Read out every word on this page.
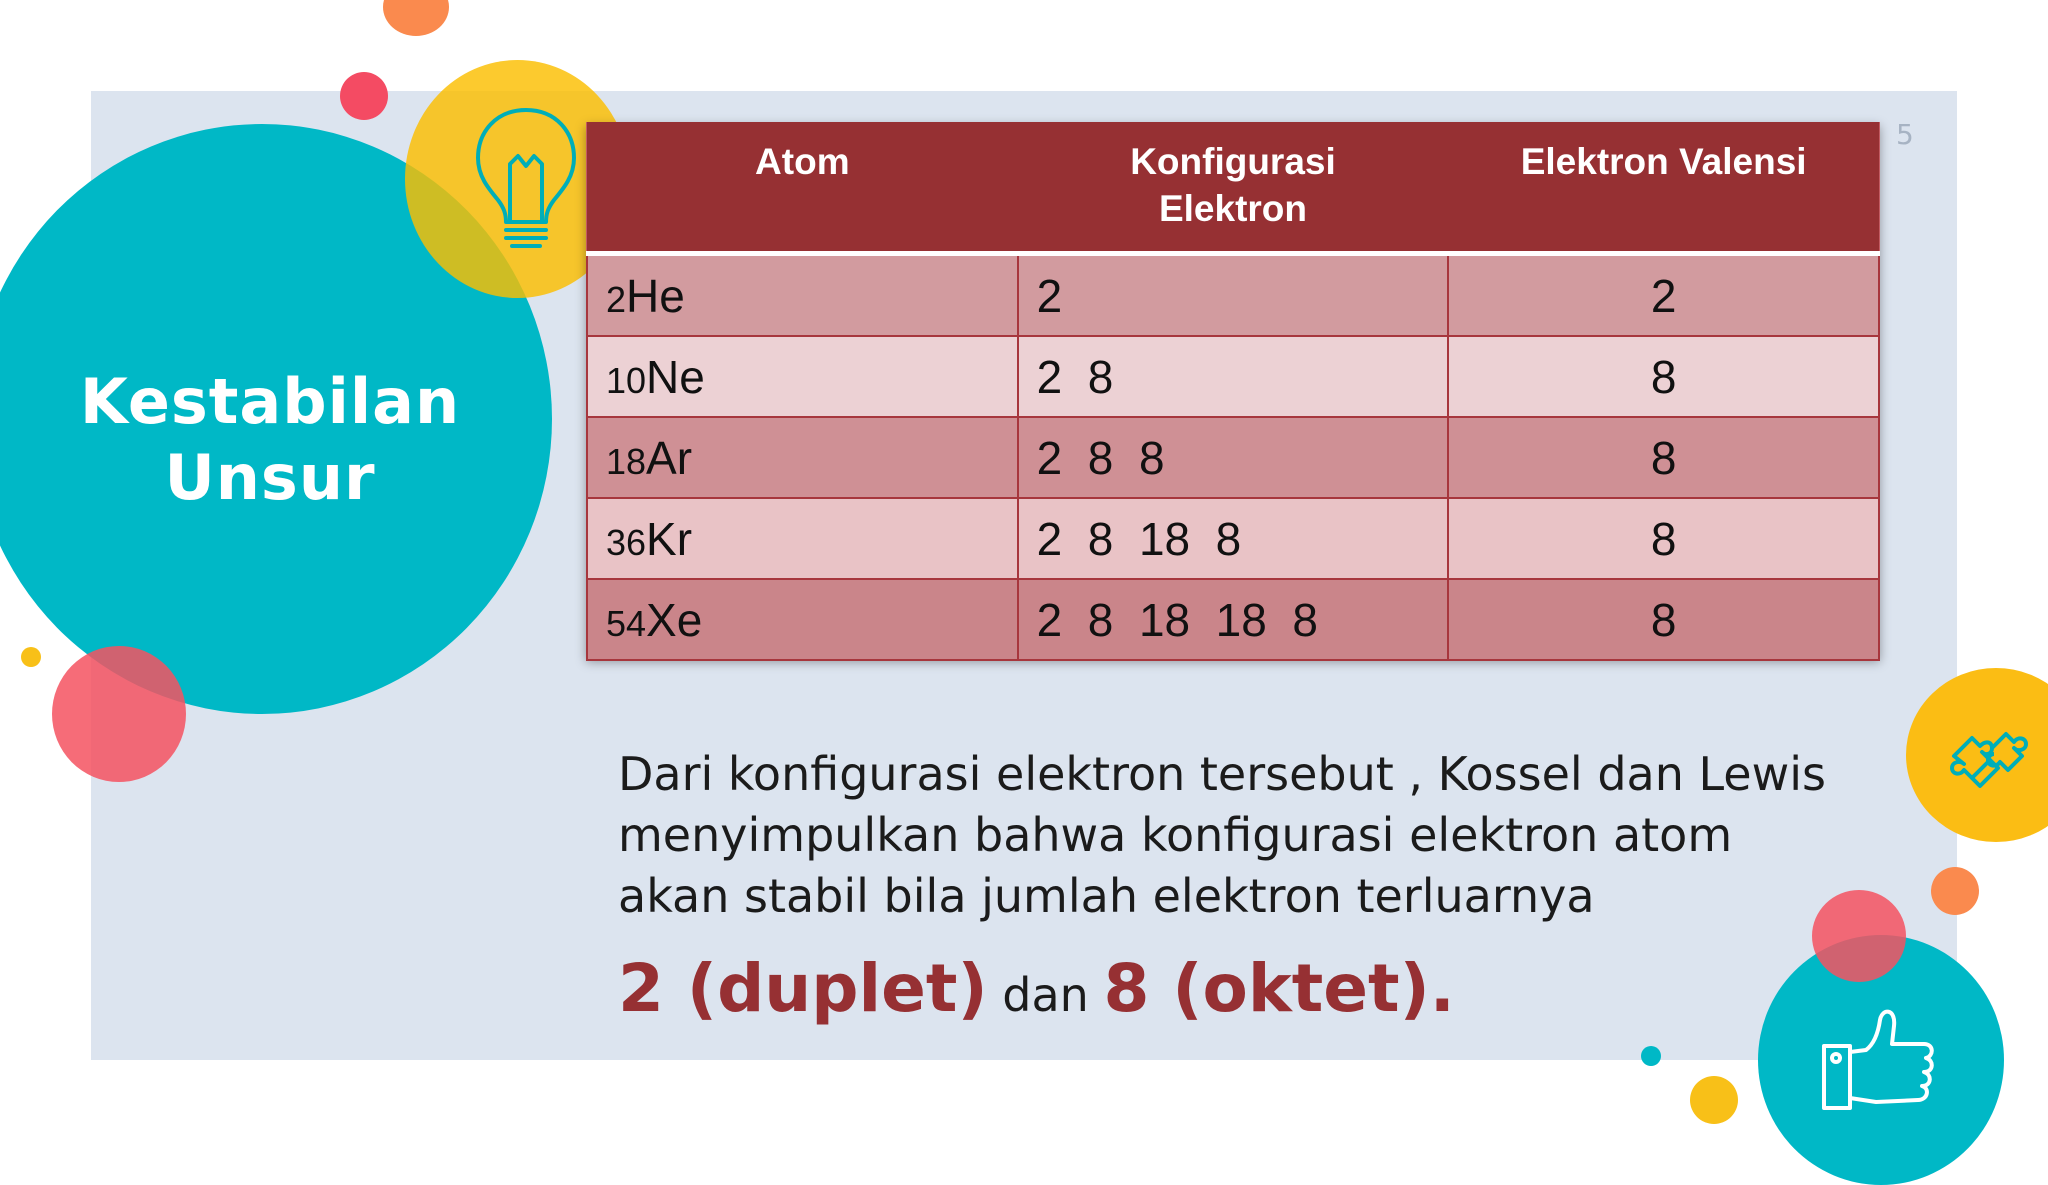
Kestabilan
Unsur
5
Atom	Konfigurasi Elektron	Elektron Valensi
2He	2	2
10Ne	2  8	8
18Ar	2  8  8	8
36Kr	2  8  18  8	8
54Xe	2  8  18  18  8	8
Dari konfigurasi elektron tersebut , Kossel dan Lewis
menyimpulkan bahwa konfigurasi elektron atom
akan stabil bila jumlah elektron terluarnya
2 (duplet) dan 8 (oktet).
